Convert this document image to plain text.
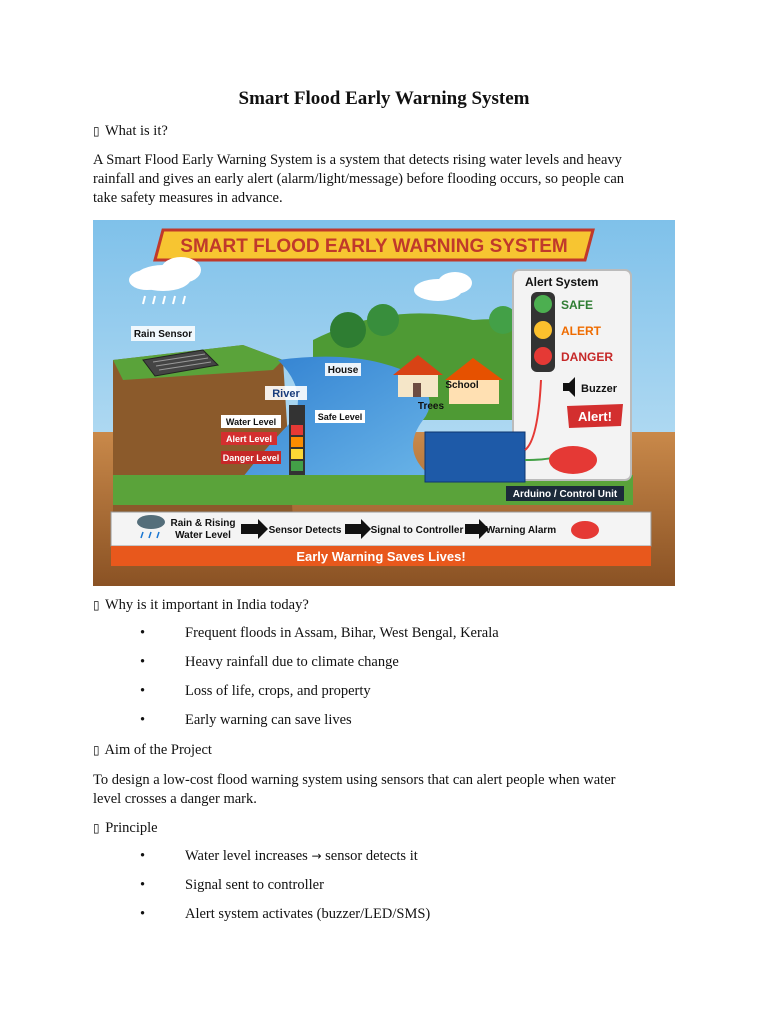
Smart Flood Early Warning System

▯ What is it?

A Smart Flood Early Warning System is a system that detects rising water levels and heavy

rainfall and gives an early alert (alarm/light/message) before flooding occurs, so people can

take safety measures in advance.

SMART FLOOD EARLY WARNING SYSTEM
Rain Sensor
River
House
School
Trees
Water Level
Alert Level
Danger Level
Safe Level
Alert System
SAFE
ALERT
DANGER
Buzzer
Alert!
Arduino / Control Unit
Rain & Rising
Water Level	Sensor Detects	Signal to Controller Warning Alarm
Early Warning Saves Lives!

▯ Why is it important in India today?

•	Frequent floods in Assam, Bihar, West Bengal, Kerala
•	Heavy rainfall due to climate change
•	Loss of life, crops, and property
•	Early warning can save lives

▯ Aim of the Project

To design a low-cost flood warning system using sensors that can alert people when water

level crosses a danger mark.

▯ Principle

•	Water level increases → sensor detects it
•	Signal sent to controller
•	Alert system activates (buzzer/LED/SMS)
